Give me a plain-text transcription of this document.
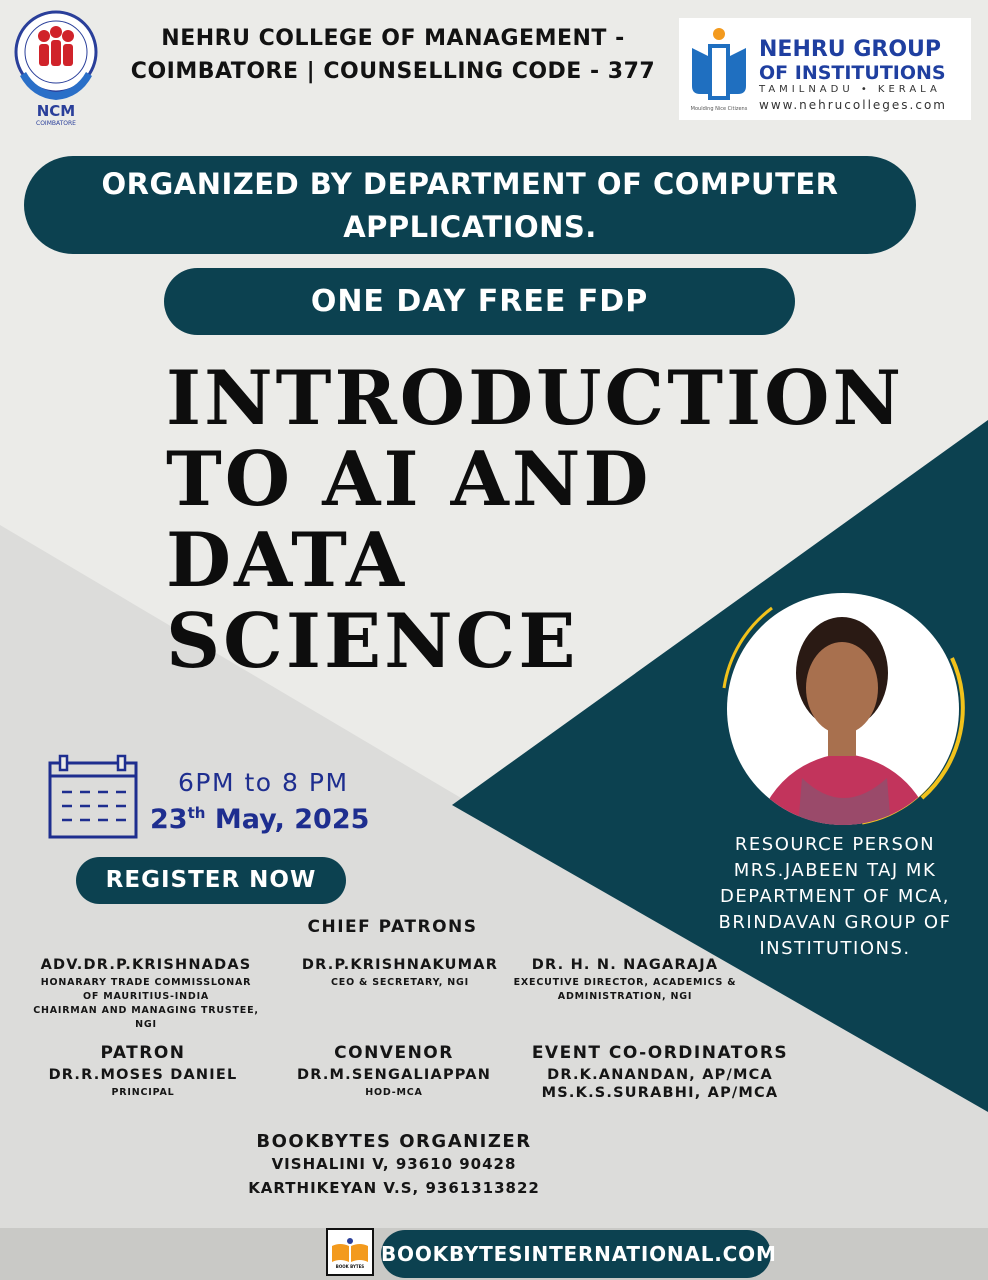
NCM
COIMBATORE
NEHRU COLLEGE OF MANAGEMENT -
COIMBATORE | COUNSELLING CODE - 377
Moulding Nice Citizens
NEHRU GROUP
OF INSTITUTIONS
TAMILNADU • KERALA
www.nehrucolleges.com
ORGANIZED BY DEPARTMENT OF COMPUTER
APPLICATIONS.
ONE DAY FREE FDP
INTRODUCTION
TO AI AND DATA
SCIENCE
RESOURCE PERSON
MRS.JABEEN TAJ MK
DEPARTMENT OF MCA,
BRINDAVAN GROUP OF
INSTITUTIONS.
6PM to 8 PM
23th May, 2025
REGISTER NOW
CHIEF PATRONS
ADV.DR.P.KRISHNADAS
HONARARY TRADE COMMISSLONAR
OF MAURITIUS-INDIA
CHAIRMAN AND MANAGING TRUSTEE,
NGI
DR.P.KRISHNAKUMAR
CEO & SECRETARY, NGI
DR. H. N. NAGARAJA
EXECUTIVE DIRECTOR, ACADEMICS &
ADMINISTRATION, NGI
PATRON
DR.R.MOSES DANIEL
PRINCIPAL
CONVENOR
DR.M.SENGALIAPPAN
HOD-MCA
EVENT CO-ORDINATORS
DR.K.ANANDAN, AP/MCA
MS.K.S.SURABHI, AP/MCA
BOOKBYTES ORGANIZER
VISHALINI V, 93610 90428
KARTHIKEYAN V.S, 9361313822
BOOK BYTES
BOOKBYTESINTERNATIONAL.COM
